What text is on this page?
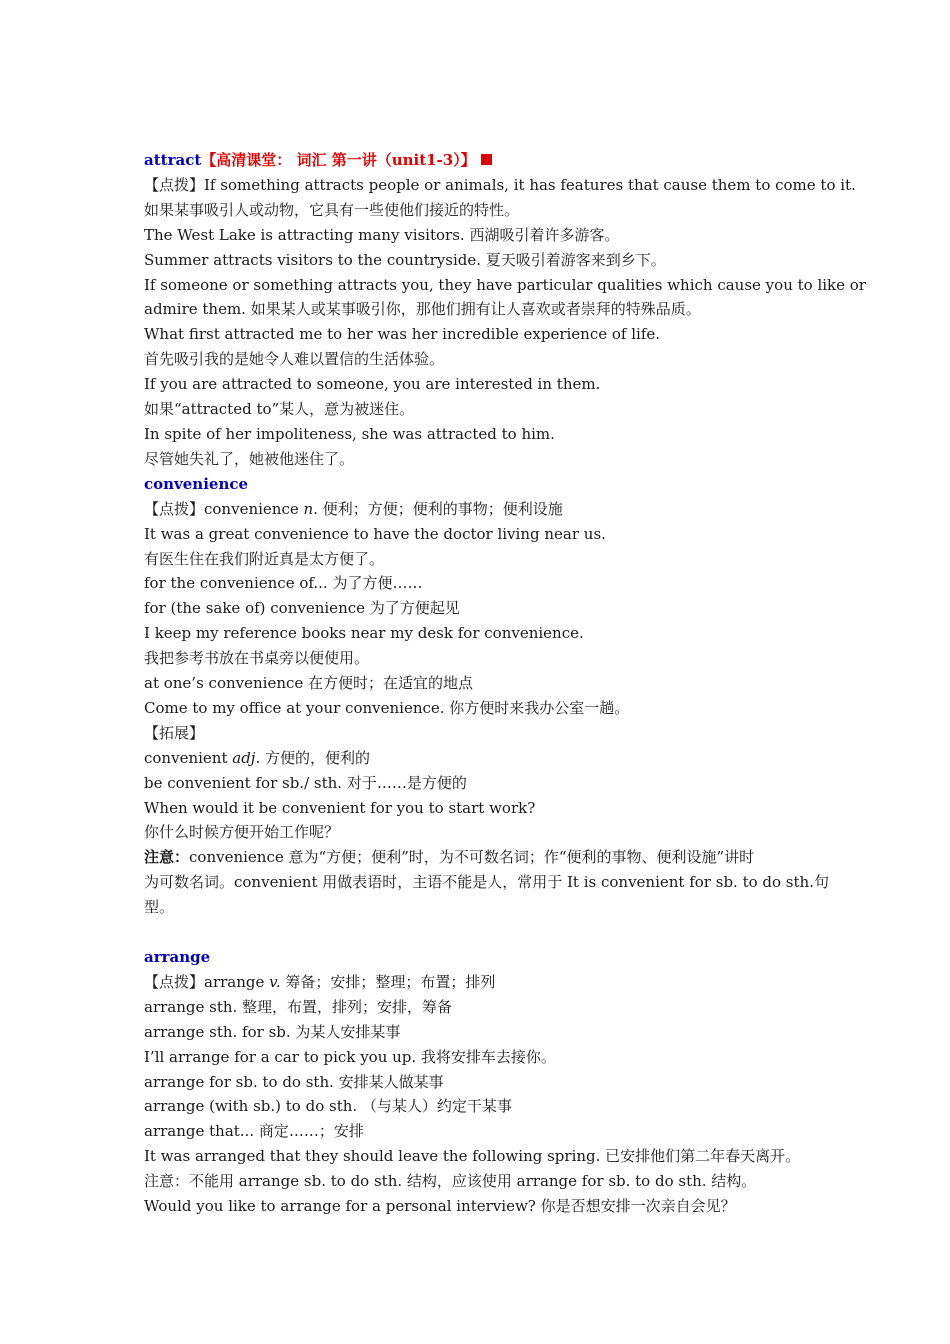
attract【高清课堂： 词汇 第一讲（unit1-3）】
【点拨】If something attracts people or animals, it has features that cause them to come to it.
如果某事吸引人或动物，它具有一些使他们接近的特性。
The West Lake is attracting many visitors. 西湖吸引着许多游客。
Summer attracts visitors to the countryside. 夏天吸引着游客来到乡下。
If someone or something attracts you, they have particular qualities which cause you to like or
admire them. 如果某人或某事吸引你，那他们拥有让人喜欢或者崇拜的特殊品质。
What first attracted me to her was her incredible experience of life.
首先吸引我的是她令人难以置信的生活体验。
If you are attracted to someone, you are interested in them.
如果“attracted to”某人，意为被迷住。
In spite of her impoliteness, she was attracted to him.
尽管她失礼了，她被他迷住了。
convenience
【点拨】convenience n. 便利；方便；便利的事物；便利设施
It was a great convenience to have the doctor living near us.
有医生住在我们附近真是太方便了。
for the convenience of... 为了方便……
for (the sake of) convenience 为了方便起见
I keep my reference books near my desk for convenience.
我把参考书放在书桌旁以便使用。
at one’s convenience 在方便时；在适宜的地点
Come to my office at your convenience. 你方便时来我办公室一趟。
【拓展】
convenient adj. 方便的，便利的
be convenient for sb./ sth. 对于……是方便的
When would it be convenient for you to start work?
你什么时候方便开始工作呢？
注意：convenience 意为“方便；便利”时，为不可数名词；作“便利的事物、便利设施”讲时
为可数名词。convenient 用做表语时，主语不能是人，常用于 It is convenient for sb. to do sth.句
型。
arrange
【点拨】arrange v. 筹备；安排；整理；布置；排列
arrange sth. 整理，布置，排列；安排，筹备
arrange sth. for sb. 为某人安排某事
I’ll arrange for a car to pick you up. 我将安排车去接你。
arrange for sb. to do sth. 安排某人做某事
arrange (with sb.) to do sth. （与某人）约定干某事
arrange that... 商定……；安排
It was arranged that they should leave the following spring. 已安排他们第二年春天离开。
注意：不能用 arrange sb. to do sth. 结构，应该使用 arrange for sb. to do sth. 结构。
Would you like to arrange for a personal interview? 你是否想安排一次亲自会见？
